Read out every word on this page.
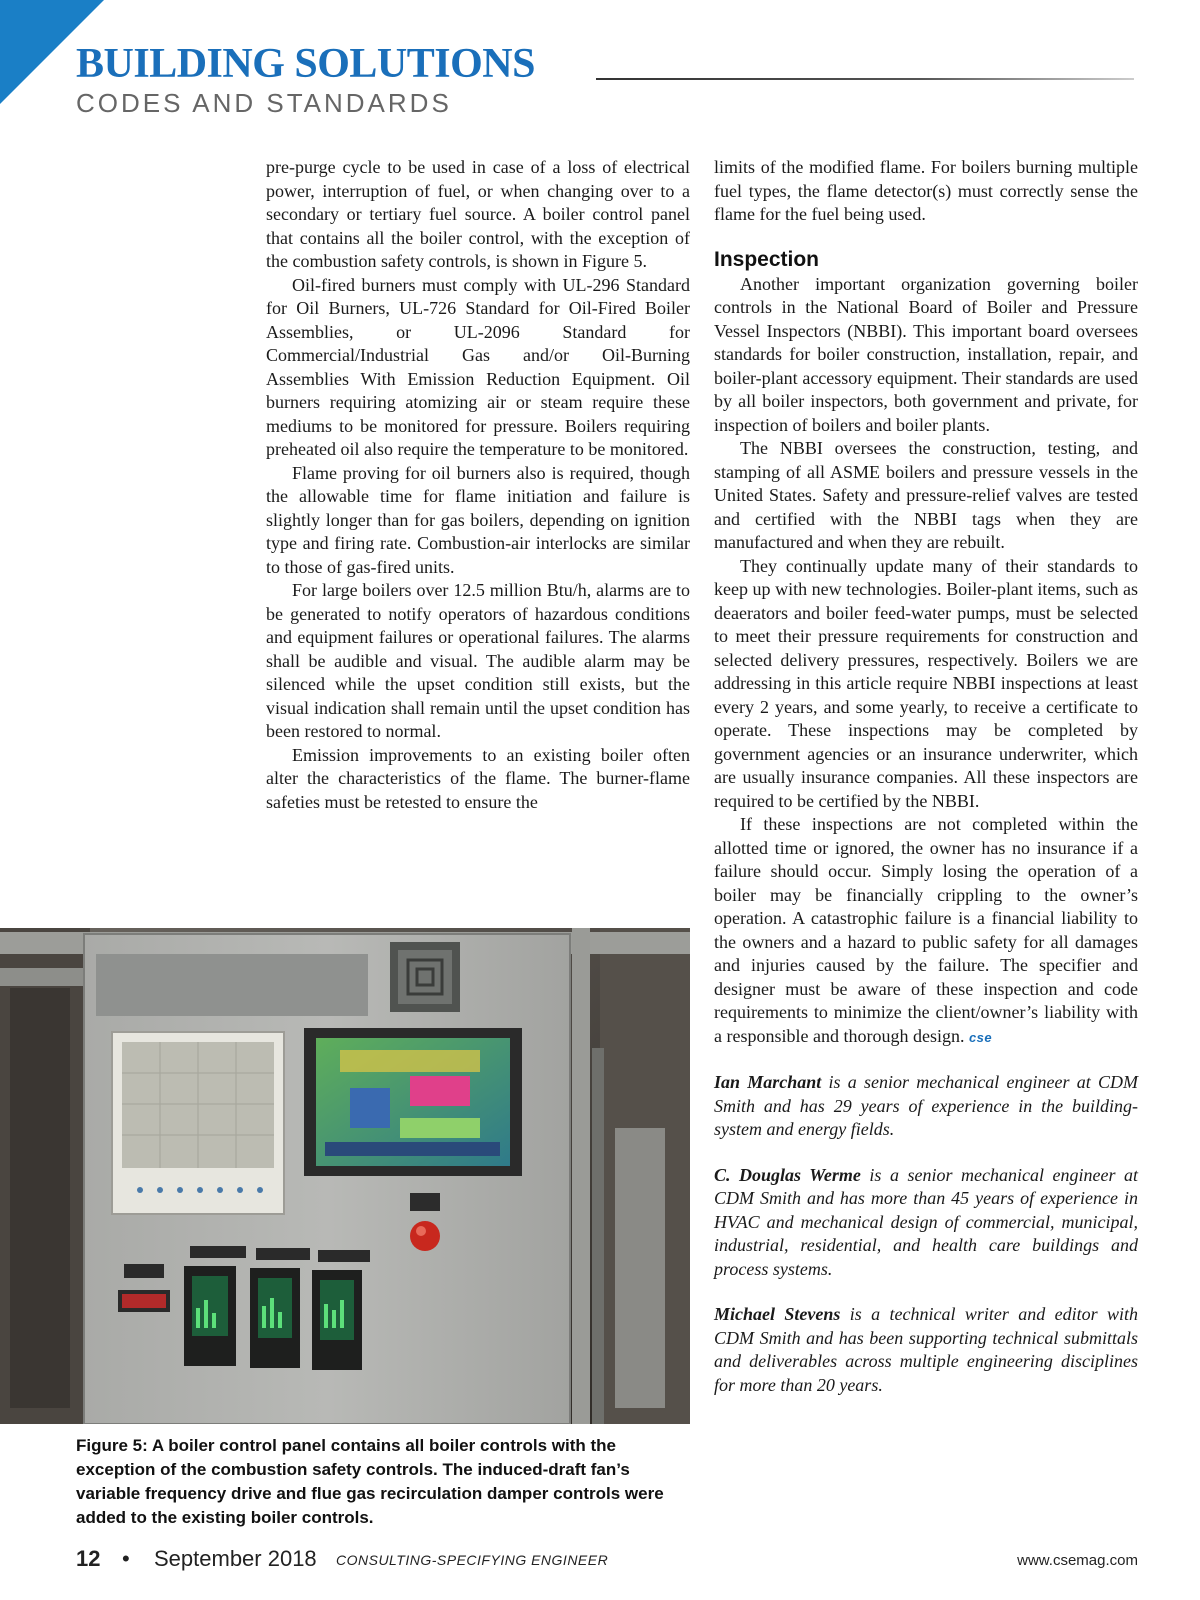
BUILDING SOLUTIONS
CODES AND STANDARDS

pre-purge cycle to be used in case of a loss of electrical power, interruption of fuel, or when changing over to a secondary or tertiary fuel source. A boiler control panel that contains all the boiler control, with the exception of the combustion safety controls, is shown in Figure 5.

Oil-fired burners must comply with UL-296 Standard for Oil Burners, UL-726 Standard for Oil-Fired Boiler Assemblies, or UL-2096 Standard for Commercial/Industrial Gas and/or Oil-Burning Assemblies With Emission Reduction Equipment. Oil burners requiring atomizing air or steam require these mediums to be monitored for pressure. Boilers requiring preheated oil also require the temperature to be monitored.

Flame proving for oil burners also is required, though the allowable time for flame initiation and failure is slightly longer than for gas boilers, depending on ignition type and firing rate. Combustion-air interlocks are similar to those of gas-fired units.

For large boilers over 12.5 million Btu/h, alarms are to be generated to notify operators of hazardous conditions and equipment failures or operational failures. The alarms shall be audible and visual. The audible alarm may be silenced while the upset condition still exists, but the visual indication shall remain until the upset condition has been restored to normal.

Emission improvements to an existing boiler often alter the characteristics of the flame. The burner-flame safeties must be retested to ensure the

limits of the modified flame. For boilers burning multiple fuel types, the flame detector(s) must correctly sense the flame for the fuel being used.

Inspection

Another important organization governing boiler controls in the National Board of Boiler and Pressure Vessel Inspectors (NBBI). This important board oversees standards for boiler construction, installation, repair, and boiler-plant accessory equipment. Their standards are used by all boiler inspectors, both government and private, for inspection of boilers and boiler plants.

The NBBI oversees the construction, testing, and stamping of all ASME boilers and pressure vessels in the United States. Safety and pressure-relief valves are tested and certified with the NBBI tags when they are manufactured and when they are rebuilt.

They continually update many of their standards to keep up with new technologies. Boiler-plant items, such as deaerators and boiler feed-water pumps, must be selected to meet their pressure requirements for construction and selected delivery pressures, respectively. Boilers we are addressing in this article require NBBI inspections at least every 2 years, and some yearly, to receive a certificate to operate. These inspections may be completed by government agencies or an insurance underwriter, which are usually insurance companies. All these inspectors are required to be certified by the NBBI.

If these inspections are not completed within the allotted time or ignored, the owner has no insurance if a failure should occur. Simply losing the operation of a boiler may be financially crippling to the owner’s operation. A catastrophic failure is a financial liability to the owners and a hazard to public safety for all damages and injuries caused by the failure. The specifier and designer must be aware of these inspection and code requirements to minimize the client/owner’s liability with a responsible and thorough design. cse

Ian Marchant is a senior mechanical engineer at CDM Smith and has 29 years of experience in the building-system and energy fields.

C. Douglas Werme is a senior mechanical engineer at CDM Smith and has more than 45 years of experience in HVAC and mechanical design of commercial, municipal, industrial, residential, and health care buildings and process systems.

Michael Stevens is a technical writer and editor with CDM Smith and has been supporting technical submittals and deliverables across multiple engineering disciplines for more than 20 years.

Figure 5: A boiler control panel contains all boiler controls with the exception of the combustion safety controls. The induced-draft fan’s variable frequency drive and flue gas recirculation damper controls were added to the existing boiler controls.
12 • September 2018 CONSULTING-SPECIFYING ENGINEER	www.csemag.com
